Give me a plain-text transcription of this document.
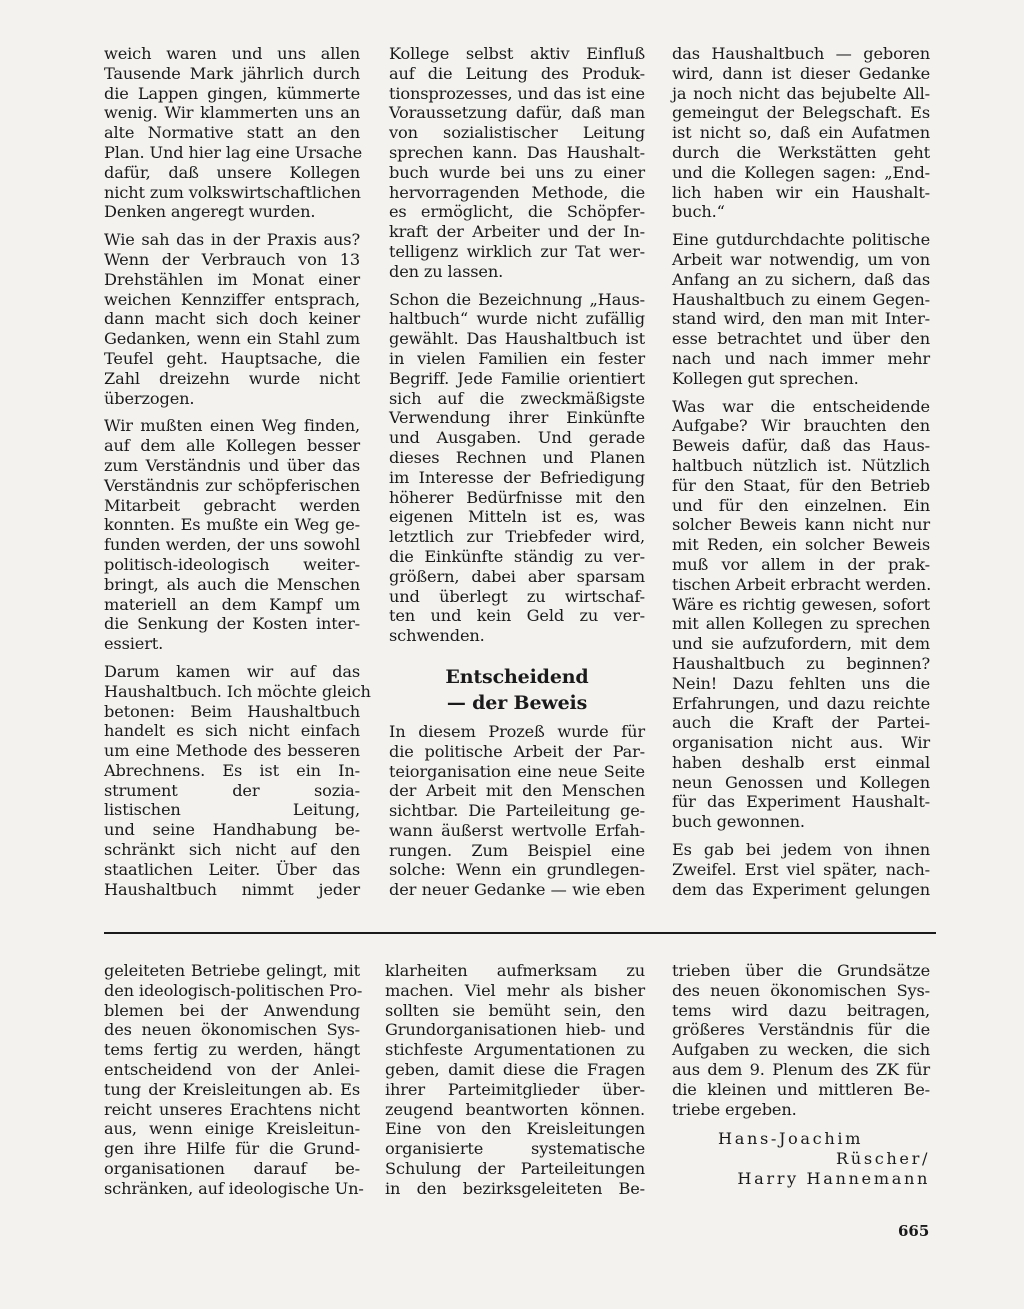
weich waren und uns allen
Tausende Mark jährlich durch
die Lappen gingen, kümmerte
wenig. Wir klammerten uns an
alte Normative statt an den
Plan. Und hier lag eine Ursache
dafür, daß unsere Kollegen
nicht zum volkswirtschaftlichen
Denken angeregt wurden.

Wie sah das in der Praxis aus?
Wenn der Verbrauch von 13
Drehstählen im Monat einer
weichen Kennziffer entsprach,
dann macht sich doch keiner
Gedanken, wenn ein Stahl zum
Teufel geht. Hauptsache, die
Zahl dreizehn wurde nicht
überzogen.

Wir mußten einen Weg finden,
auf dem alle Kollegen besser
zum Verständnis und über das
Verständnis zur schöpferischen
Mitarbeit gebracht werden
konnten. Es mußte ein Weg ge-
funden werden, der uns sowohl
politisch-ideologisch weiter-
bringt, als auch die Menschen
materiell an dem Kampf um
die Senkung der Kosten inter-
essiert.

Darum kamen wir auf das
Haushaltbuch. Ich möchte gleich
betonen: Beim Haushaltbuch
handelt es sich nicht einfach
um eine Methode des besseren
Abrechnens. Es ist ein In-
strument der sozia-
listischen Leitung,
und seine Handhabung be-
schränkt sich nicht auf den
staatlichen Leiter. Über das
Haushaltbuch nimmt jeder

Kollege selbst aktiv Einfluß
auf die Leitung des Produk-
tionsprozesses, und das ist eine
Voraussetzung dafür, daß man
von sozialistischer Leitung
sprechen kann. Das Haushalt-
buch wurde bei uns zu einer
hervorragenden Methode, die
es ermöglicht, die Schöpfer-
kraft der Arbeiter und der In-
telligenz wirklich zur Tat wer-
den zu lassen.

Schon die Bezeichnung „Haus-
haltbuch“ wurde nicht zufällig
gewählt. Das Haushaltbuch ist
in vielen Familien ein fester
Begriff. Jede Familie orientiert
sich auf die zweckmäßigste
Verwendung ihrer Einkünfte
und Ausgaben. Und gerade
dieses Rechnen und Planen
im Interesse der Befriedigung
höherer Bedürfnisse mit den
eigenen Mitteln ist es, was
letztlich zur Triebfeder wird,
die Einkünfte ständig zu ver-
größern, dabei aber sparsam
und überlegt zu wirtschaf-
ten und kein Geld zu ver-
schwenden.

Entscheidend
— der Beweis

In diesem Prozeß wurde für
die politische Arbeit der Par-
teiorganisation eine neue Seite
der Arbeit mit den Menschen
sichtbar. Die Parteileitung ge-
wann äußerst wertvolle Erfah-
rungen. Zum Beispiel eine
solche: Wenn ein grundlegen-
der neuer Gedanke — wie eben

das Haushaltbuch — geboren
wird, dann ist dieser Gedanke
ja noch nicht das bejubelte All-
gemeingut der Belegschaft. Es
ist nicht so, daß ein Aufatmen
durch die Werkstätten geht
und die Kollegen sagen: „End-
lich haben wir ein Haushalt-
buch.“

Eine gutdurchdachte politische
Arbeit war notwendig, um von
Anfang an zu sichern, daß das
Haushaltbuch zu einem Gegen-
stand wird, den man mit Inter-
esse betrachtet und über den
nach und nach immer mehr
Kollegen gut sprechen.

Was war die entscheidende
Aufgabe? Wir brauchten den
Beweis dafür, daß das Haus-
haltbuch nützlich ist. Nützlich
für den Staat, für den Betrieb
und für den einzelnen. Ein
solcher Beweis kann nicht nur
mit Reden, ein solcher Beweis
muß vor allem in der prak-
tischen Arbeit erbracht werden.
Wäre es richtig gewesen, sofort
mit allen Kollegen zu sprechen
und sie aufzufordern, mit dem
Haushaltbuch zu beginnen?
Nein! Dazu fehlten uns die
Erfahrungen, und dazu reichte
auch die Kraft der Partei-
organisation nicht aus. Wir
haben deshalb erst einmal
neun Genossen und Kollegen
für das Experiment Haushalt-
buch gewonnen.

Es gab bei jedem von ihnen
Zweifel. Erst viel später, nach-
dem das Experiment gelungen

geleiteten Betriebe gelingt, mit
den ideologisch-politischen Pro-
blemen bei der Anwendung
des neuen ökonomischen Sys-
tems fertig zu werden, hängt
entscheidend von der Anlei-
tung der Kreisleitungen ab. Es
reicht unseres Erachtens nicht
aus, wenn einige Kreisleitun-
gen ihre Hilfe für die Grund-
organisationen darauf be-
schränken, auf ideologische Un-

klarheiten aufmerksam zu
machen. Viel mehr als bisher
sollten sie bemüht sein, den
Grundorganisationen hieb- und
stichfeste Argumentationen zu
geben, damit diese die Fragen
ihrer Parteimitglieder über-
zeugend beantworten können.
Eine von den Kreisleitungen
organisierte systematische
Schulung der Parteileitungen
in den bezirksgeleiteten Be-

trieben über die Grundsätze
des neuen ökonomischen Sys-
tems wird dazu beitragen,
größeres Verständnis für die
Aufgaben zu wecken, die sich
aus dem 9. Plenum des ZK für
die kleinen und mittleren Be-
triebe ergeben.

Hans-Joachim
Rüscher/
Harry Hannemann
665
